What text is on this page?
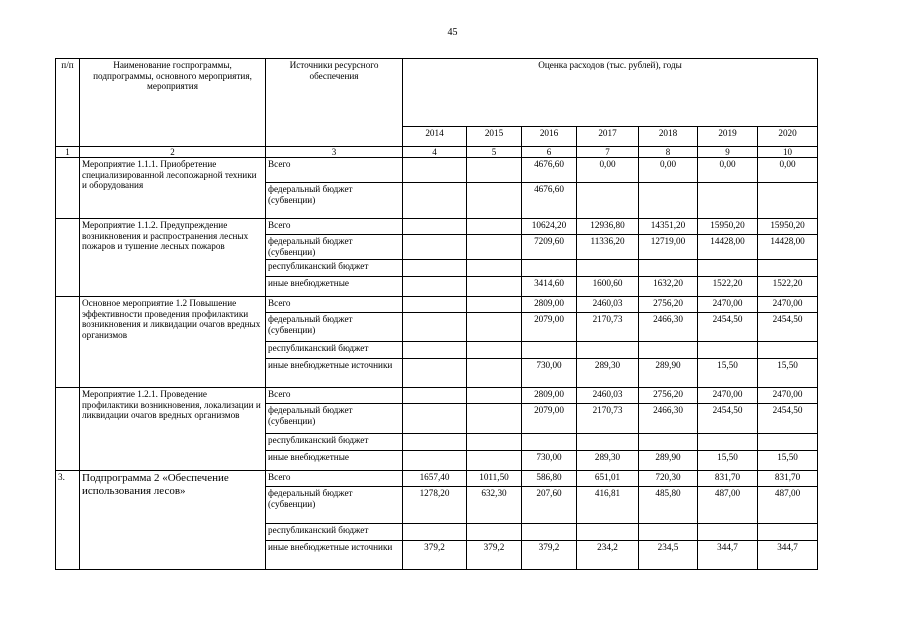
45
п/п	Наименование госпрограммы, подпрограммы, основного мероприятия, мероприятия	Источники ресурсного обеспечения	Оценка расходов (тыс. рублей), годы						
			2014	2015	2016	2017	2018	2019	2020
1	2	3	4	5	6	7	8	9	10
	Мероприятие 1.1.1. Приобретение специализированной лесопожарной техники и оборудования	Всего			4676,60	0,00	0,00	0,00	0,00
		федеральный бюджет (субвенции)			4676,60				
	Мероприятие 1.1.2. Предупреждение возникновения и распространения лесных пожаров и тушение лесных пожаров	Всего			10624,20	12936,80	14351,20	15950,20	15950,20
		федеральный бюджет (субвенции)			7209,60	11336,20	12719,00	14428,00	14428,00
		республиканский бюджет							
		иные внебюджетные			3414,60	1600,60	1632,20	1522,20	1522,20
	Основное мероприятие 1.2 Повышение эффективности проведения профилактики возникновения и ликвидации очагов вредных организмов	Всего			2809,00	2460,03	2756,20	2470,00	2470,00
		федеральный бюджет (субвенции)			2079,00	2170,73	2466,30	2454,50	2454,50
		республиканский бюджет							
		иные внебюджетные источники			730,00	289,30	289,90	15,50	15,50
	Мероприятие 1.2.1. Проведение профилактики возникновения, локализации и ликвидации очагов вредных организмов	Всего			2809,00	2460,03	2756,20	2470,00	2470,00
		федеральный бюджет (субвенции)			2079,00	2170,73	2466,30	2454,50	2454,50
		республиканский бюджет							
		иные внебюджетные			730,00	289,30	289,90	15,50	15,50
3.	Подпрограмма 2 «Обеспечение использования лесов»	Всего	1657,40	1011,50	586,80	651,01	720,30	831,70	831,70
		федеральный бюджет (субвенции)	1278,20	632,30	207,60	416,81	485,80	487,00	487,00
		республиканский бюджет							
		иные внебюджетные источники	379,2	379,2	379,2	234,2	234,5	344,7	344,7
